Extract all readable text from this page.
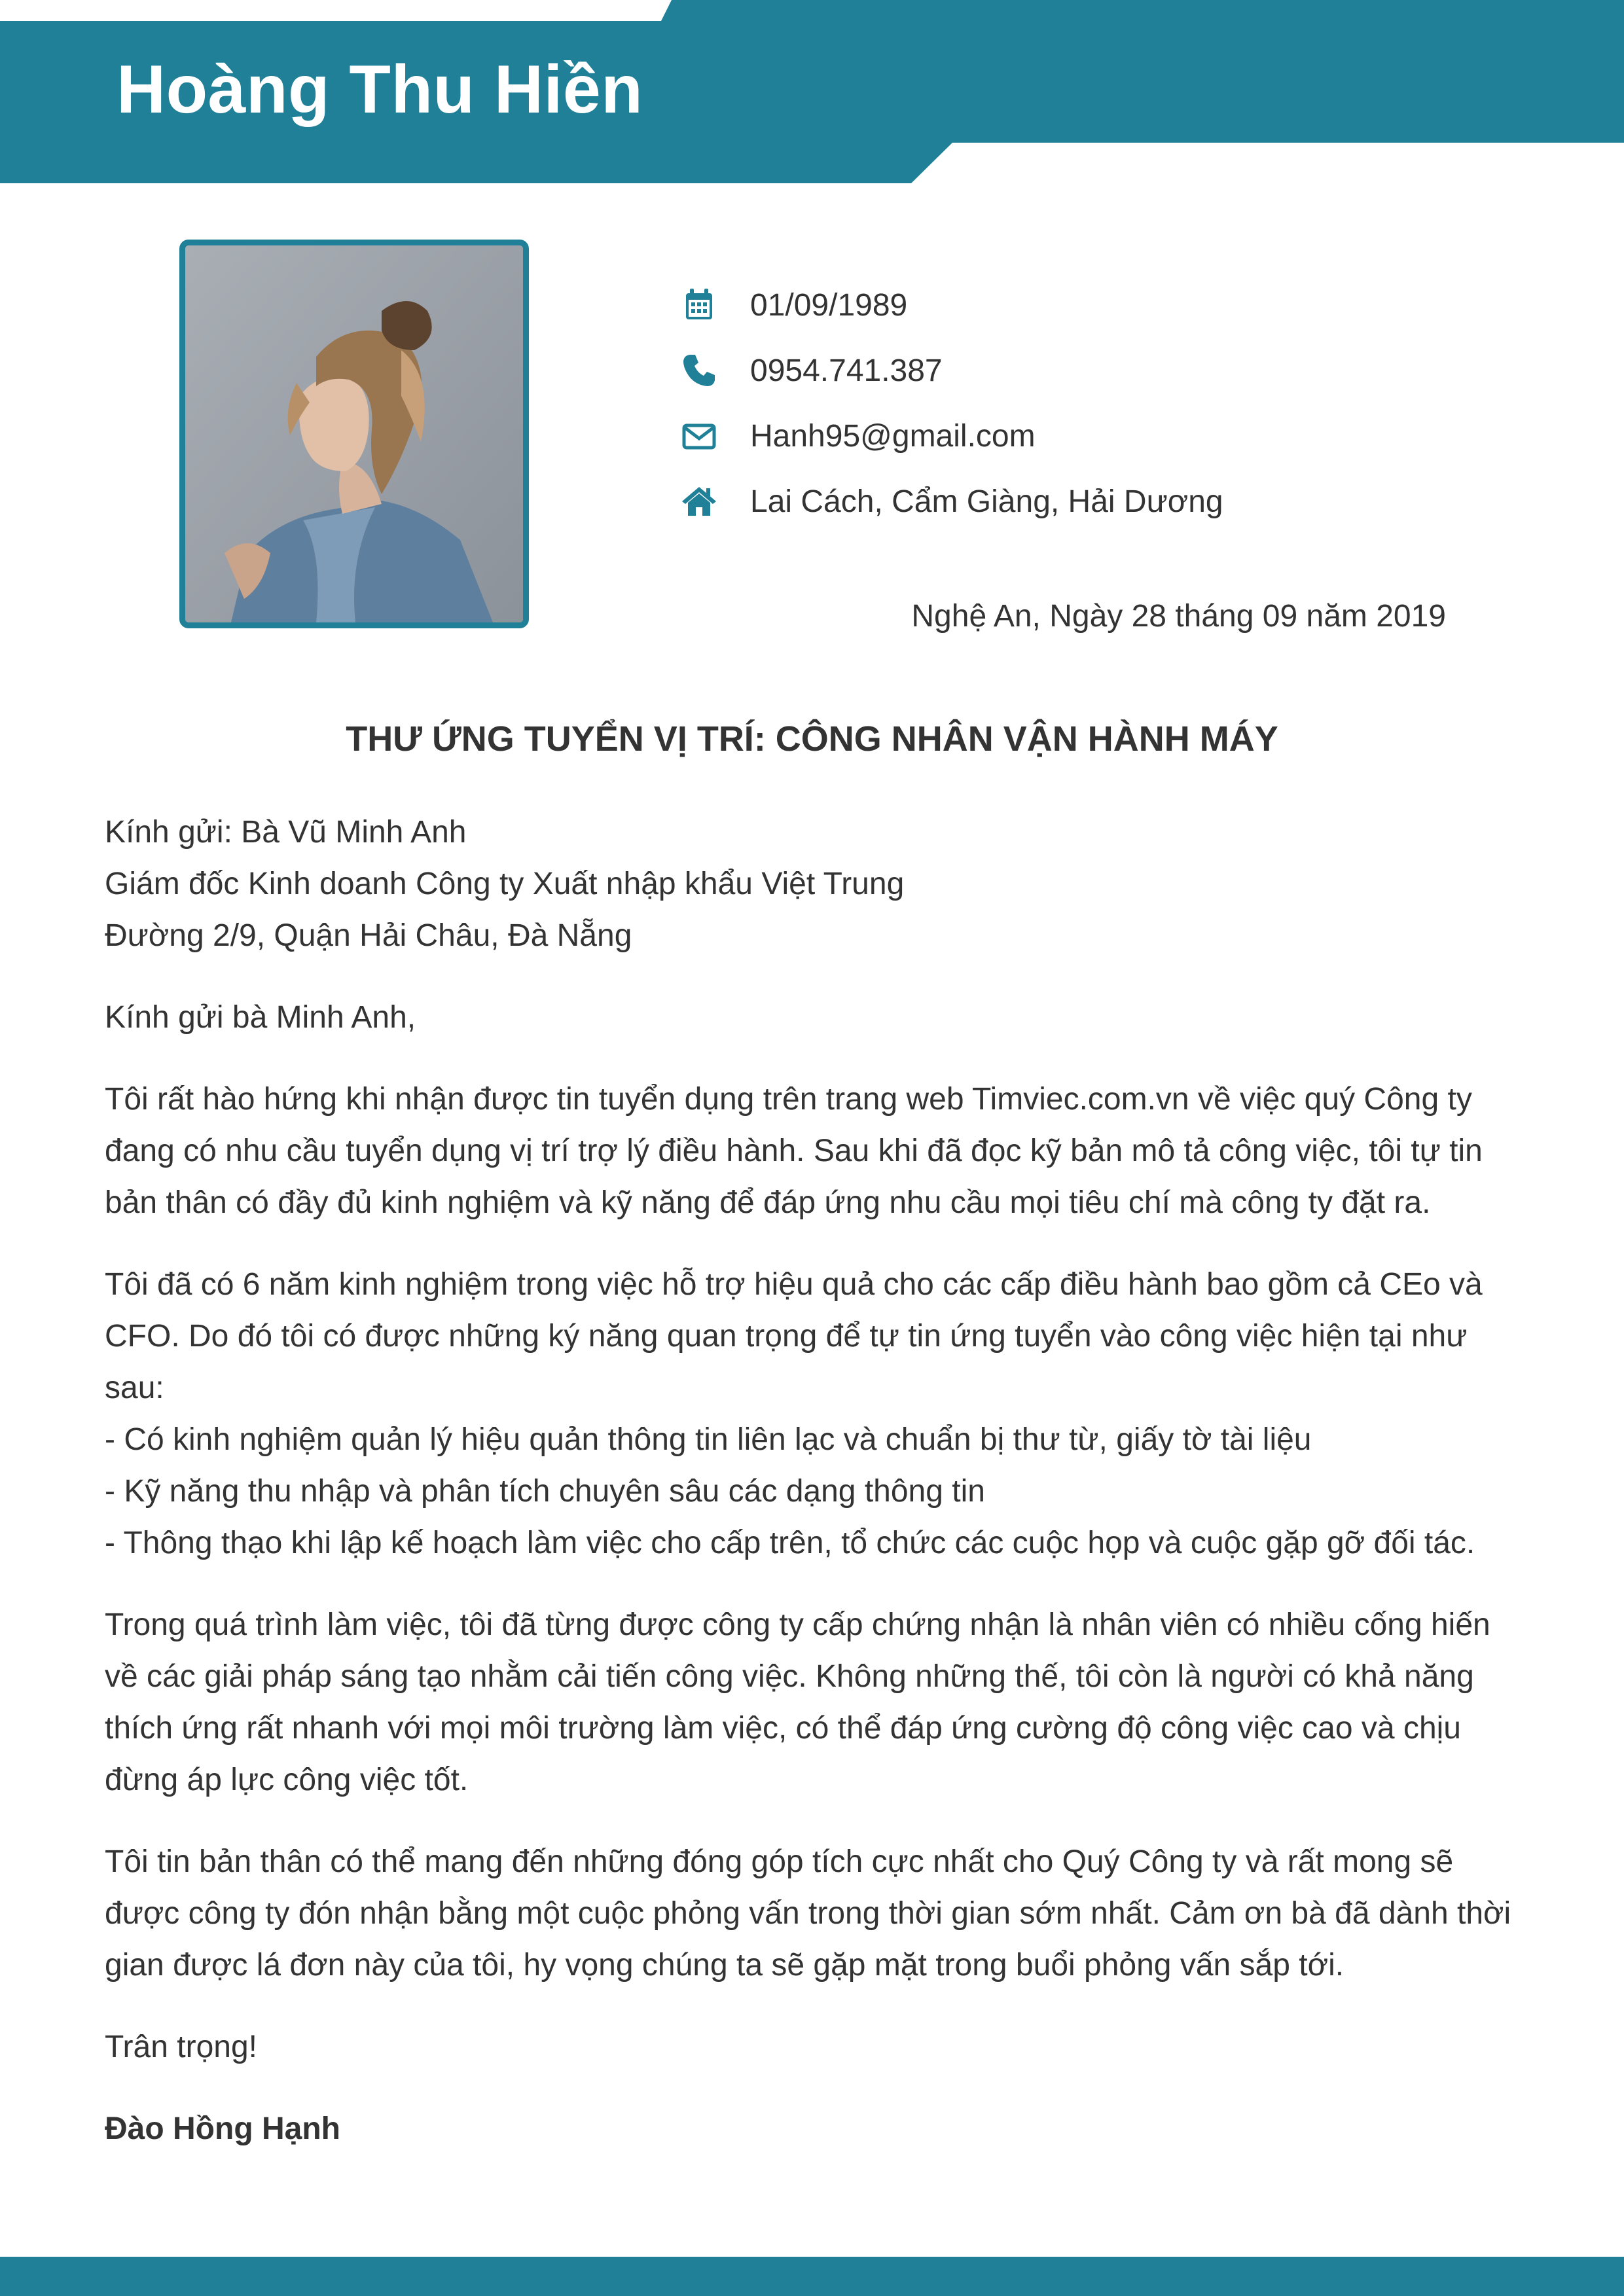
Hoàng Thu Hiền
01/09/1989
0954.741.387
Hanh95@gmail.com
Lai Cách, Cẩm Giàng, Hải Dương
Nghệ An, Ngày 28 tháng 09 năm 2019
THƯ ỨNG TUYỂN VỊ TRÍ: CÔNG NHÂN VẬN HÀNH MÁY

Kính gửi: Bà Vũ Minh Anh

Giám đốc Kinh doanh Công ty Xuất nhập khẩu Việt Trung

Đường 2/9, Quận Hải Châu, Đà Nẵng

Kính gửi bà Minh Anh,

Tôi rất hào hứng khi nhận được tin tuyển dụng trên trang web Timviec.com.vn về việc quý Công ty

đang có nhu cầu tuyển dụng vị trí trợ lý điều hành. Sau khi đã đọc kỹ bản mô tả công việc, tôi tự tin

bản thân có đầy đủ kinh nghiệm và kỹ năng để đáp ứng nhu cầu mọi tiêu chí mà công ty đặt ra.

Tôi đã có 6 năm kinh nghiệm trong việc hỗ trợ hiệu quả cho các cấp điều hành bao gồm cả CEo và

CFO. Do đó tôi có được những ký năng quan trọng để tự tin ứng tuyển vào công việc hiện tại như

sau:

- Có kinh nghiệm quản lý hiệu quản thông tin liên lạc và chuẩn bị thư từ, giấy tờ tài liệu

- Kỹ năng thu nhập và phân tích chuyên sâu các dạng thông tin

- Thông thạo khi lập kế hoạch làm việc cho cấp trên, tổ chức các cuộc họp và cuộc gặp gỡ đối tác.

Trong quá trình làm việc, tôi đã từng được công ty cấp chứng nhận là nhân viên có nhiều cống hiến

về các giải pháp sáng tạo nhằm cải tiến công việc. Không những thế, tôi còn là người có khả năng

thích ứng rất nhanh với mọi môi trường làm việc, có thể đáp ứng cường độ công việc cao và chịu

đừng áp lực công việc tốt.

Tôi tin bản thân có thể mang đến những đóng góp tích cực nhất cho Quý Công ty và rất mong sẽ

được công ty đón nhận bằng một cuộc phỏng vấn trong thời gian sớm nhất. Cảm ơn bà đã dành thời

gian được lá đơn này của tôi, hy vọng chúng ta sẽ gặp mặt trong buổi phỏng vấn sắp tới.

Trân trọng!

Đào Hồng Hạnh
